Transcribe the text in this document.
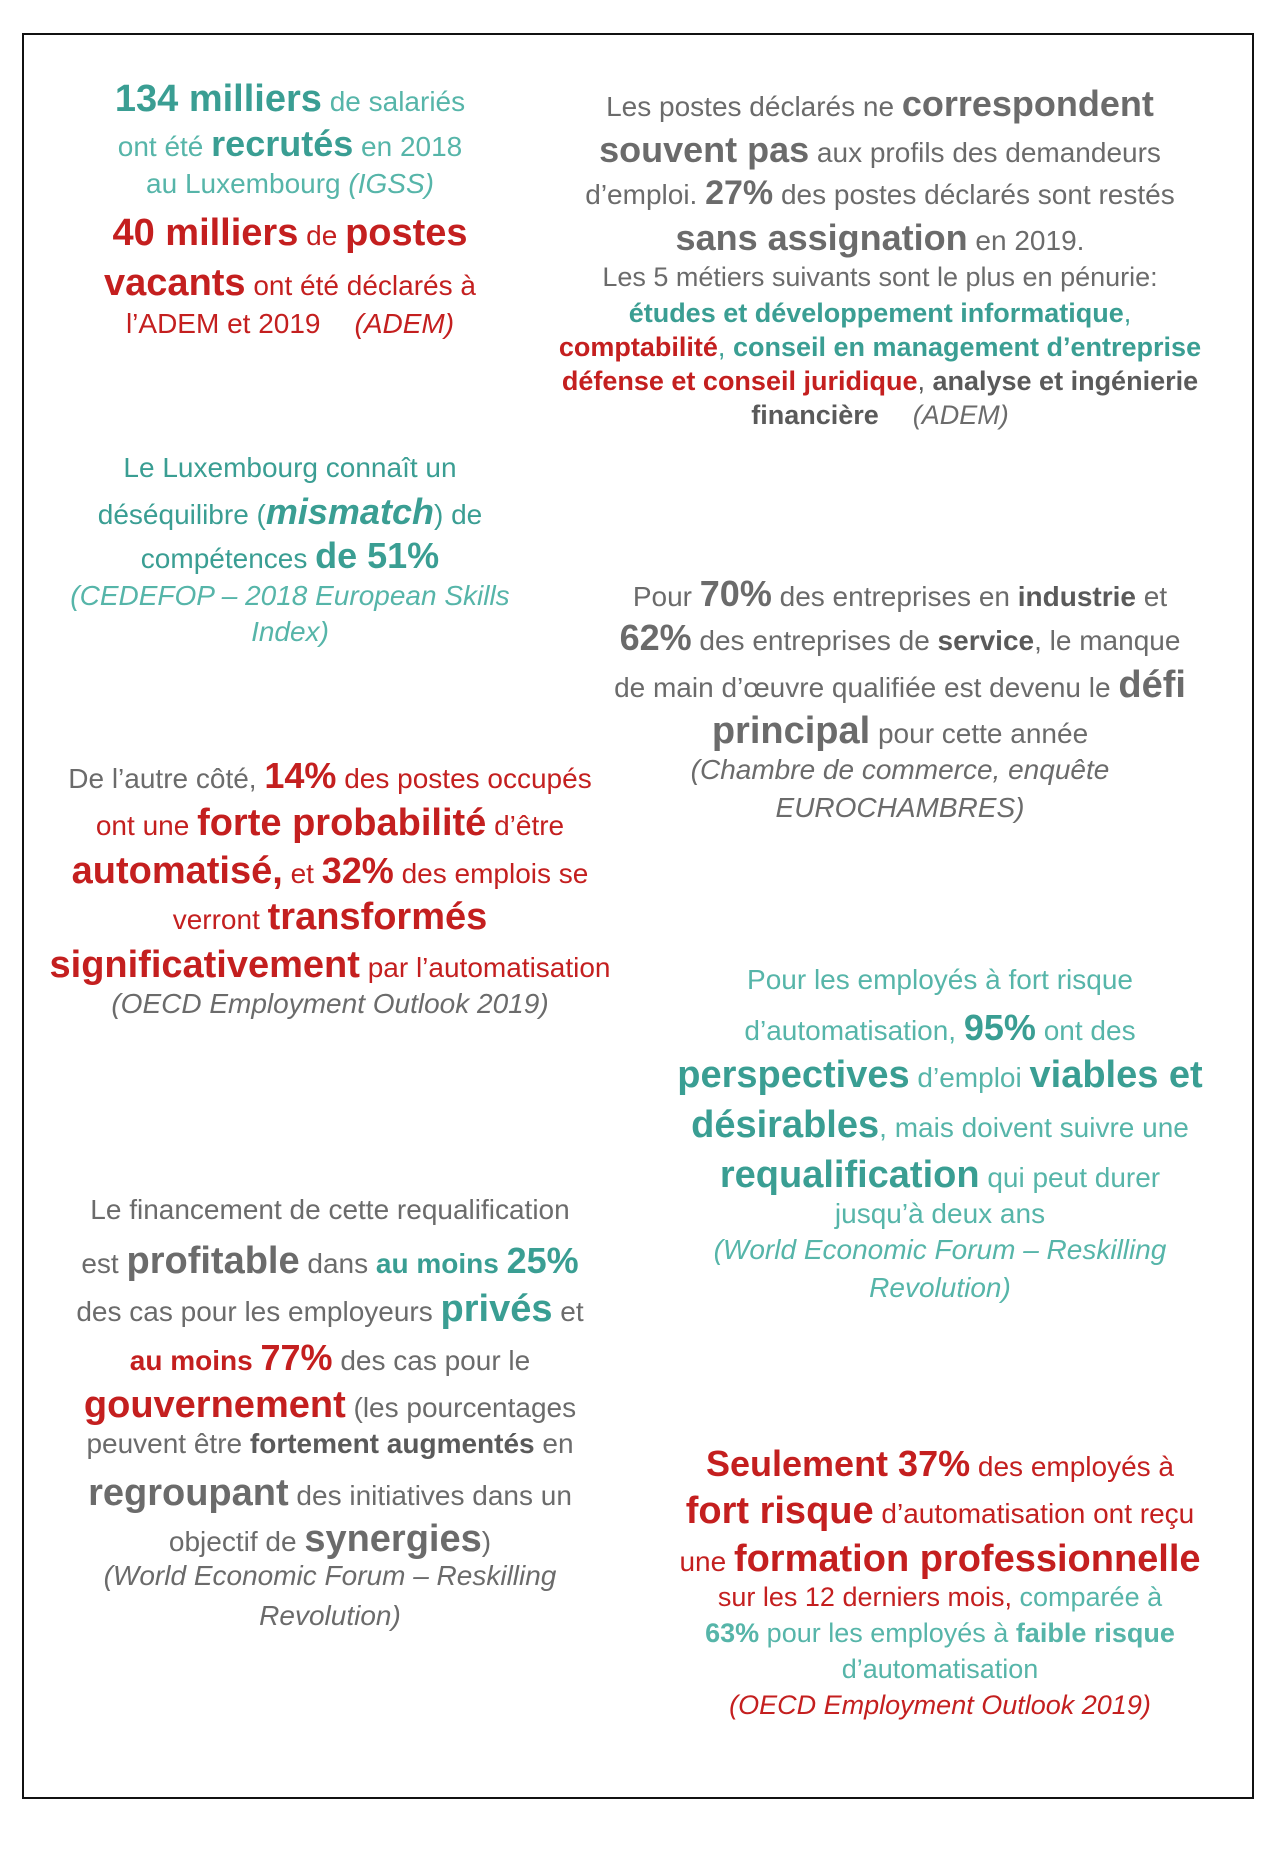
134 milliers de salariés

ont été recrutés en 2018

au Luxembourg (IGSS)

40 milliers de postes

vacants ont été déclarés à

l’ADEM et 2019 (ADEM)

Les postes déclarés ne correspondent

souvent pas aux profils des demandeurs

d’emploi. 27% des postes déclarés sont restés

sans assignation en 2019.

Les 5 métiers suivants sont le plus en pénurie:

études et développement informatique,

comptabilité, conseil en management d’entreprise

défense et conseil juridique, analyse et ingénierie

financière (ADEM)

Le Luxembourg connaît un

déséquilibre (mismatch) de

compétences de 51%

(CEDEFOP – 2018 European Skills

Index)

Pour 70% des entreprises en industrie et

62% des entreprises de service, le manque

de main d’œuvre qualifiée est devenu le défi

principal pour cette année

(Chambre de commerce, enquête

EUROCHAMBRES)

De l’autre côté, 14% des postes occupés

ont une forte probabilité d’être

automatisé, et 32% des emplois se

verront transformés

significativement par l’automatisation

(OECD Employment Outlook 2019)

Pour les employés à fort risque

d’automatisation, 95% ont des

perspectives d’emploi viables et

désirables, mais doivent suivre une

requalification qui peut durer

jusqu’à deux ans

(World Economic Forum – Reskilling

Revolution)

Le financement de cette requalification

est profitable dans au moins 25%

des cas pour les employeurs privés et

au moins 77% des cas pour le

gouvernement (les pourcentages

peuvent être fortement augmentés en

regroupant des initiatives dans un

objectif de synergies)

(World Economic Forum – Reskilling

Revolution)

Seulement 37% des employés à

fort risque d’automatisation ont reçu

une formation professionnelle

sur les 12 derniers mois, comparée à

63% pour les employés à faible risque

d’automatisation

(OECD Employment Outlook 2019)
